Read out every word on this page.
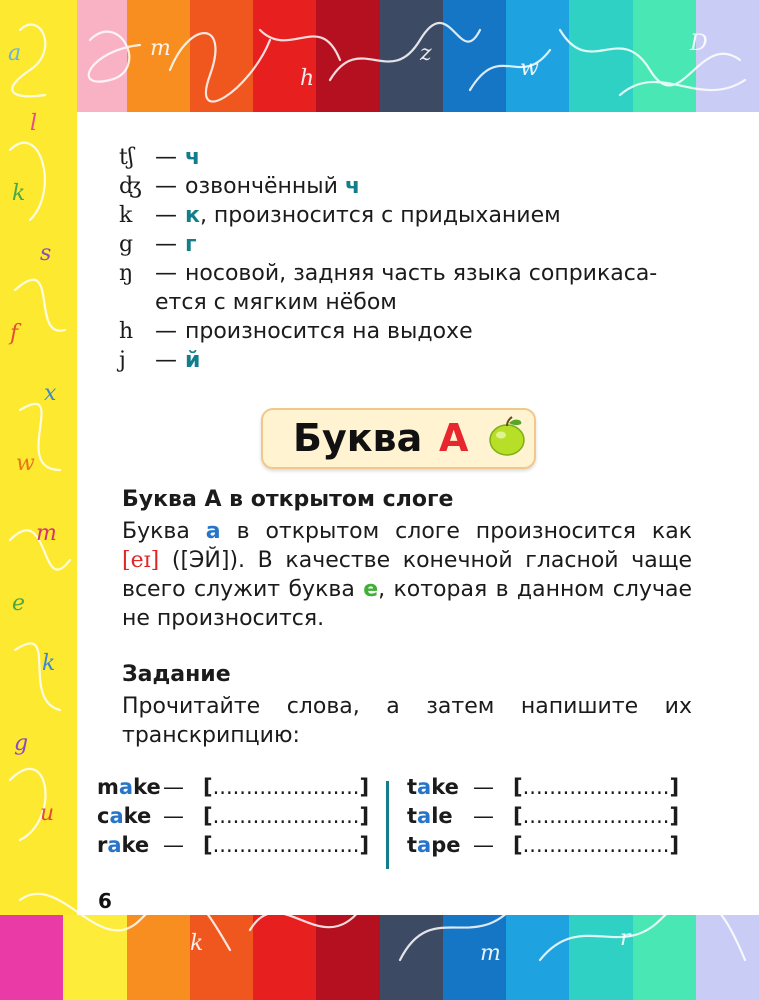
a
l
k
s
f
x
w
m
e
k
g
u
m
h
z
w
D
k	m
r
tʃ — ч
ʤ — озвончённый ч
k — к, произносится с придыханием
g — г
ŋ — носовой, задняя часть языка соприкаса-
ется с мягким нёбом
h — произносится на выдохе
j — й
Буква А
Буква А в открытом слоге
Буква а в открытом слоге произносится как
[eɪ] ([ЭЙ]). В качестве конечной гласной чаще
всего служит буква е, которая в данном случае
не произносится.
Задание
Прочитайте слова, а затем напишите их
транскрипцию:
make — [......................]
cake — [......................]
rake — [......................]
take — [......................]
tale — [......................]
tape — [......................]
6
